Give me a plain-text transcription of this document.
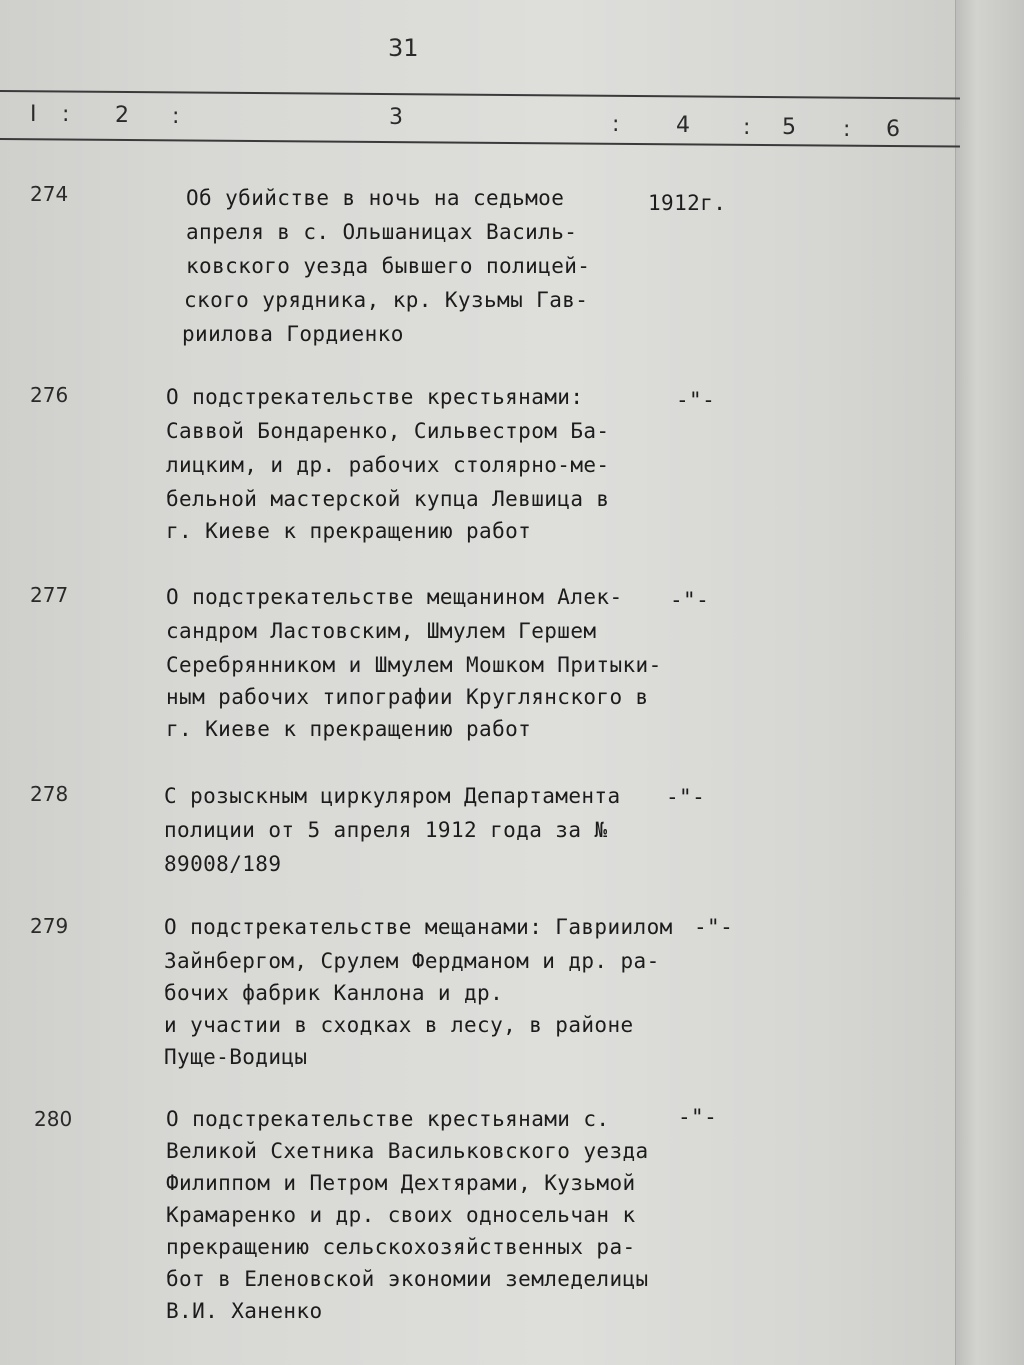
31
I : 2 :	3	:	4 : 5 : 6
274	Об убийстве в ночь на седьмое
апреля в с. Ольшаницах Василь-
ковского уезда бывшего полицей-
ского урядника, кр. Кузьмы Гав-
риилова Гордиенко
1912г.
276	О подстрекательстве крестьянами:
Саввой Бондаренко, Сильвестром Ба-
лицким, и др. рабочих столярно-ме-
бельной мастерской купца Левшица в
г. Киеве к прекращению работ
-"-
277	О подстрекательстве мещанином Алек-
сандром Ластовским, Шмулем Гершем
Серебрянником и Шмулем Мошком Притыки-
ным рабочих типографии Круглянского в
г. Киеве к прекращению работ
-"-
278	С розыскным циркуляром Департамента
полиции от 5 апреля 1912 года за №
89008/189
-"-
279	О подстрекательстве мещанами: Гавриилом
Зайнбергом, Срулем Фердманом и др. ра-
бочих фабрик Канлона и др.
и участии в сходках в лесу, в районе
Пуще-Водицы
-"-
280	О подстрекательстве крестьянами с.
Великой Схетника Васильковского уезда
Филиппом и Петром Дехтярами, Кузьмой
Крамаренко и др. своих односельчан к
прекращению сельскохозяйственных ра-
бот в Еленовской экономии земледелицы
В.И. Ханенко
-"-
